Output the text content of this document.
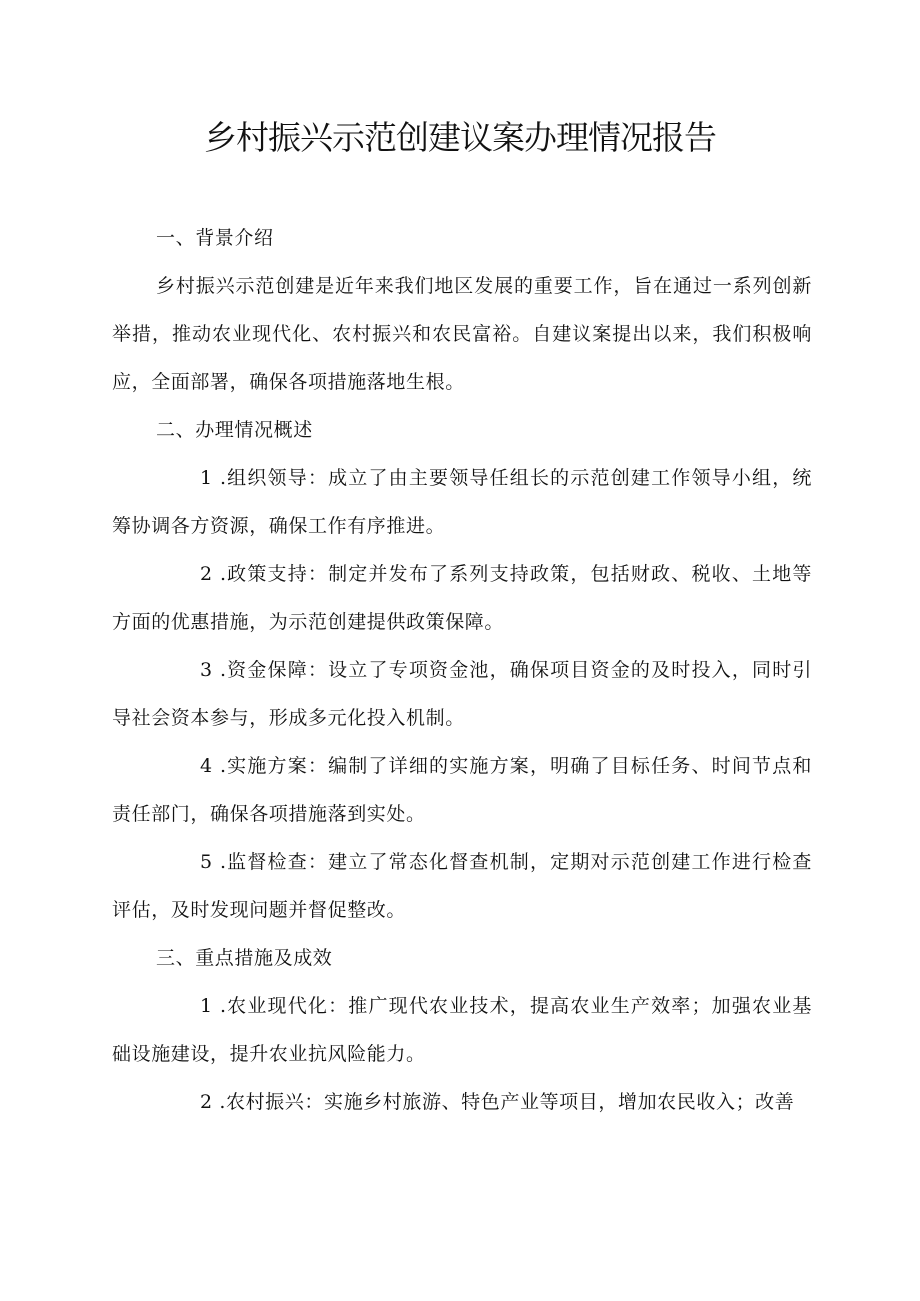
乡村振兴示范创建议案办理情况报告

一、背景介绍

乡村振兴示范创建是近年来我们地区发展的重要工作，旨在通过一系列创新举措，推动农业现代化、农村振兴和农民富裕。自建议案提出以来，我们积极响应，全面部署，确保各项措施落地生根。

二、办理情况概述

1 .组织领导：成立了由主要领导任组长的示范创建工作领导小组，统筹协调各方资源，确保工作有序推进。

2 .政策支持：制定并发布了系列支持政策，包括财政、税收、土地等方面的优惠措施，为示范创建提供政策保障。

3 .资金保障：设立了专项资金池，确保项目资金的及时投入，同时引导社会资本参与，形成多元化投入机制。

4 .实施方案：编制了详细的实施方案，明确了目标任务、时间节点和责任部门，确保各项措施落到实处。

5 .监督检查：建立了常态化督查机制，定期对示范创建工作进行检查评估，及时发现问题并督促整改。

三、重点措施及成效

1 .农业现代化：推广现代农业技术，提高农业生产效率；加强农业基础设施建设，提升农业抗风险能力。

2 .农村振兴：实施乡村旅游、特色产业等项目，增加农民收入；改善
